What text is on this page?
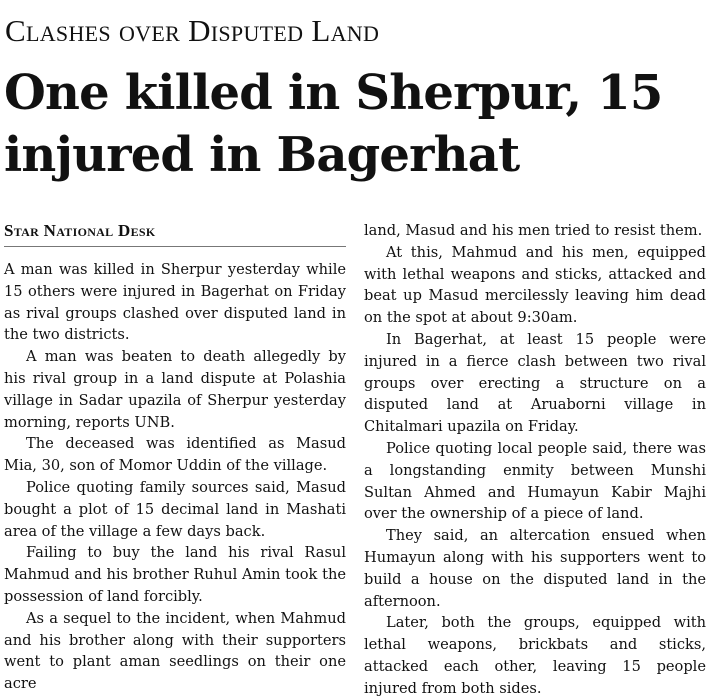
Clashes over Disputed Land
One killed in Sherpur, 15
injured in Bagerhat
Star National Desk

A man was killed in Sherpur yesterday while 15 others were injured in Bagerhat on Friday as rival groups clashed over disputed land in the two districts.

A man was beaten to death allegedly by his rival group in a land dispute at Polashia village in Sadar upazila of Sherpur yesterday morning, reports UNB.

The deceased was identified as Masud Mia, 30, son of Momor Uddin of the village.

Police quoting family sources said, Masud bought a plot of 15 decimal land in Mashati area of the village a few days back.

Failing to buy the land his rival Rasul Mahmud and his brother Ruhul Amin took the possession of land forcibly.

As a sequel to the incident, when Mahmud and his brother along with their supporters went to plant aman seedlings on their one acre

land, Masud and his men tried to resist them.

At this, Mahmud and his men, equipped with lethal weapons and sticks, attacked and beat up Masud mercilessly leaving him dead on the spot at about 9:30am.

In Bagerhat, at least 15 people were injured in a fierce clash between two rival groups over erecting a structure on a disputed land at Aruaborni village in Chitalmari upazila on Friday.

Police quoting local people said, there was a longstanding enmity between Munshi Sultan Ahmed and Humayun Kabir Majhi over the ownership of a piece of land.

They said, an altercation ensued when Humayun along with his supporters went to build a house on the disputed land in the afternoon.

Later, both the groups, equipped with lethal weapons, brickbats and sticks, attacked each other, leaving 15 people injured from both sides.
